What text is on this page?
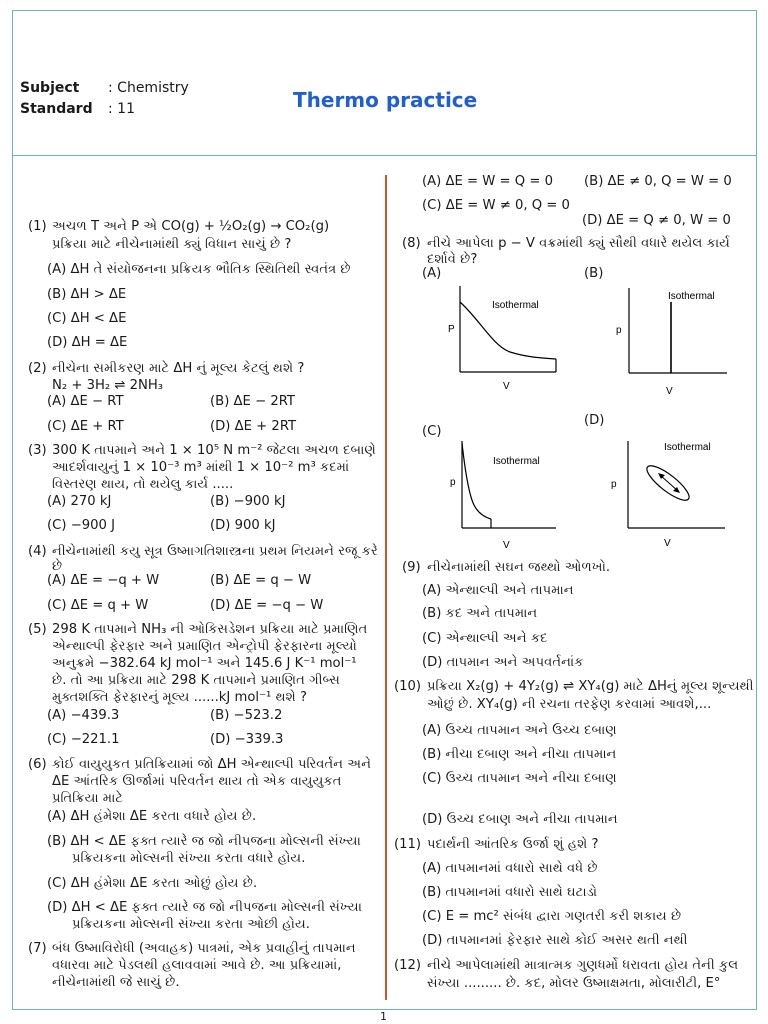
Subject : Chemistry
Standard : 11	Thermo practice
(1) અચળ T અને P એ CO(g) + ½O₂(g) → CO₂(g)
પ્રક્રિયા માટે નીચેનામાંથી ક્યું વિધાન સાચું છે ?
(A) ΔH તે સંયોજનના પ્રક્રિયક ભૌતિક સ્થિતિથી સ્વતંત્ર છે
(B) ΔH > ΔE
(C) ΔH < ΔE
(D) ΔH = ΔE
(2) નીચેના સમીકરણ માટે ΔH નું મૂલ્ય કેટલું થશે ?
N₂ + 3H₂ ⇌ 2NH₃
(A) ΔE − RT	(B) ΔE − 2RT
(C) ΔE + RT	(D) ΔE + 2RT
(3) 300 K તાપમાને અને 1 × 10⁵ N m⁻² જેટલા અચળ દબાણે
આદર્શવાયુનું 1 × 10⁻³ m³ માંથી 1 × 10⁻² m³ કદમાં
વિસ્તરણ થાય, તો થયેલુ કાર્ય .....
(A) 270 kJ	(B) −900 kJ
(C) −900 J	(D) 900 kJ
(4) નીચેનામાંથી કયુ સૂત્ર ઉષ્માગતિશાસ્ત્રના પ્રથમ નિયમને રજૂ કરે
છે
(A) ΔE = −q + W	(B) ΔE = q − W
(C) ΔE = q + W	(D) ΔE = −q − W
(5) 298 K તાપમાને NH₃ ની ઓકિસડેશન પ્રક્રિયા માટે પ્રમાણિત
એન્થાલ્પી ફેરફાર અને પ્રમાણિત એન્ટ્રોપી ફેરફારના મૂલ્યો
અનુક્રમે −382.64 kJ mol⁻¹ અને 145.6 J K⁻¹ mol⁻¹
છે. તો આ પ્રક્રિયા માટે 298 K તાપમાને પ્રમાણિત ગીબ્સ
મુક્તશક્તિ ફેરફારનું મૂલ્ય ......kJ mol⁻¹ થશે ?
(A) −439.3	(B) −523.2
(C) −221.1	(D) −339.3
(6) કોઈ વાયુયુકત પ્રતિક્રિયામાં જો ΔH એન્થાલ્પી પરિવર્તન અને
ΔE આંતરિક ઊર્જામાં પરિવર્તન થાય તો એક વાયુયુકત
પ્રતિક્રિયા માટે
(A) ΔH હંમેશા ΔE કરતા વધારે હોય છે.
(B) ΔH < ΔE ફક્ત ત્યારે જ જો નીપજના મોલ્સની સંખ્યા
પ્રક્રિયકના મોલ્સની સંખ્યા કરતા વધારે હોય.
(C) ΔH હંમેશા ΔE કરતા ઓછું હોય છે.
(D) ΔH < ΔE ફક્ત ત્યારે જ જો નીપજના મોલ્સની સંખ્યા
પ્રક્રિયકના મોલ્સની સંખ્યા કરતા ઓછી હોય.
(7) બંધ ઉષ્માવિરોધી (અવાહક) પાત્રમાં, એક પ્રવાહીનું તાપમાન
વધારવા માટે પેડલથી હલાવવામાં આવે છે. આ પ્રક્રિયામાં,
નીચેનામાંથી જે સાચું છે.
(A) ΔE = W = Q = 0 (B) ΔE ≠ 0, Q = W = 0
(C) ΔE = W ≠ 0, Q = 0
(D) ΔE = Q ≠ 0, W = 0
(8) નીચે આપેલા p − V વક્રમાંથી ક્યું સૌથી વધારે થયેલ કાર્ય
દર્શાવે છે?
(A)	(B)
(C)
(D)
Isothermal
P
V
Isothermal
p
V
Isothermal
p
V
Isothermal
p
V
(9) નીચેનામાંથી સઘન જથ્થો ઓળખો.
(A) એન્થાલ્પી અને તાપમાન
(B) કદ અને તાપમાન
(C) એન્થાલ્પી અને કદ
(D) તાપમાન અને અપવર્તનાંક
(10) પ્રક્રિયા X₂(g) + 4Y₂(g) ⇌ XY₄(g) માટે ΔHનું મૂલ્ય શૂન્યથી
ઓછું છે. XY₄(g) ની રચના તરફેણ કરવામાં આવશે,...
(A) ઉચ્ચ તાપમાન અને ઉચ્ચ દબાણ
(B) નીચા દબાણ અને નીચા તાપમાન
(C) ઉચ્ચ તાપમાન અને નીચા દબાણ
(D) ઉચ્ચ દબાણ અને નીચા તાપમાન
(11) પદાર્થની આંતરિક ઉર્જા શું હશે ?
(A) તાપમાનમાં વધારો સાથે વધે છે
(B) તાપમાનમાં વધારો સાથે ઘટાડો
(C) E = mc² સંબંધ દ્વારા ગણતરી કરી શકાય છે
(D) તાપમાનમાં ફેરફાર સાથે કોઈ અસર થતી નથી
(12) નીચે આપેલામાંથી માત્રાત્મક ગુણધર્મો ધરાવતા હોય તેની કુલ
સંખ્યા ......... છે. કદ, મોલર ઉષ્માક્ષમતા, મોલારીટી, E°
1
